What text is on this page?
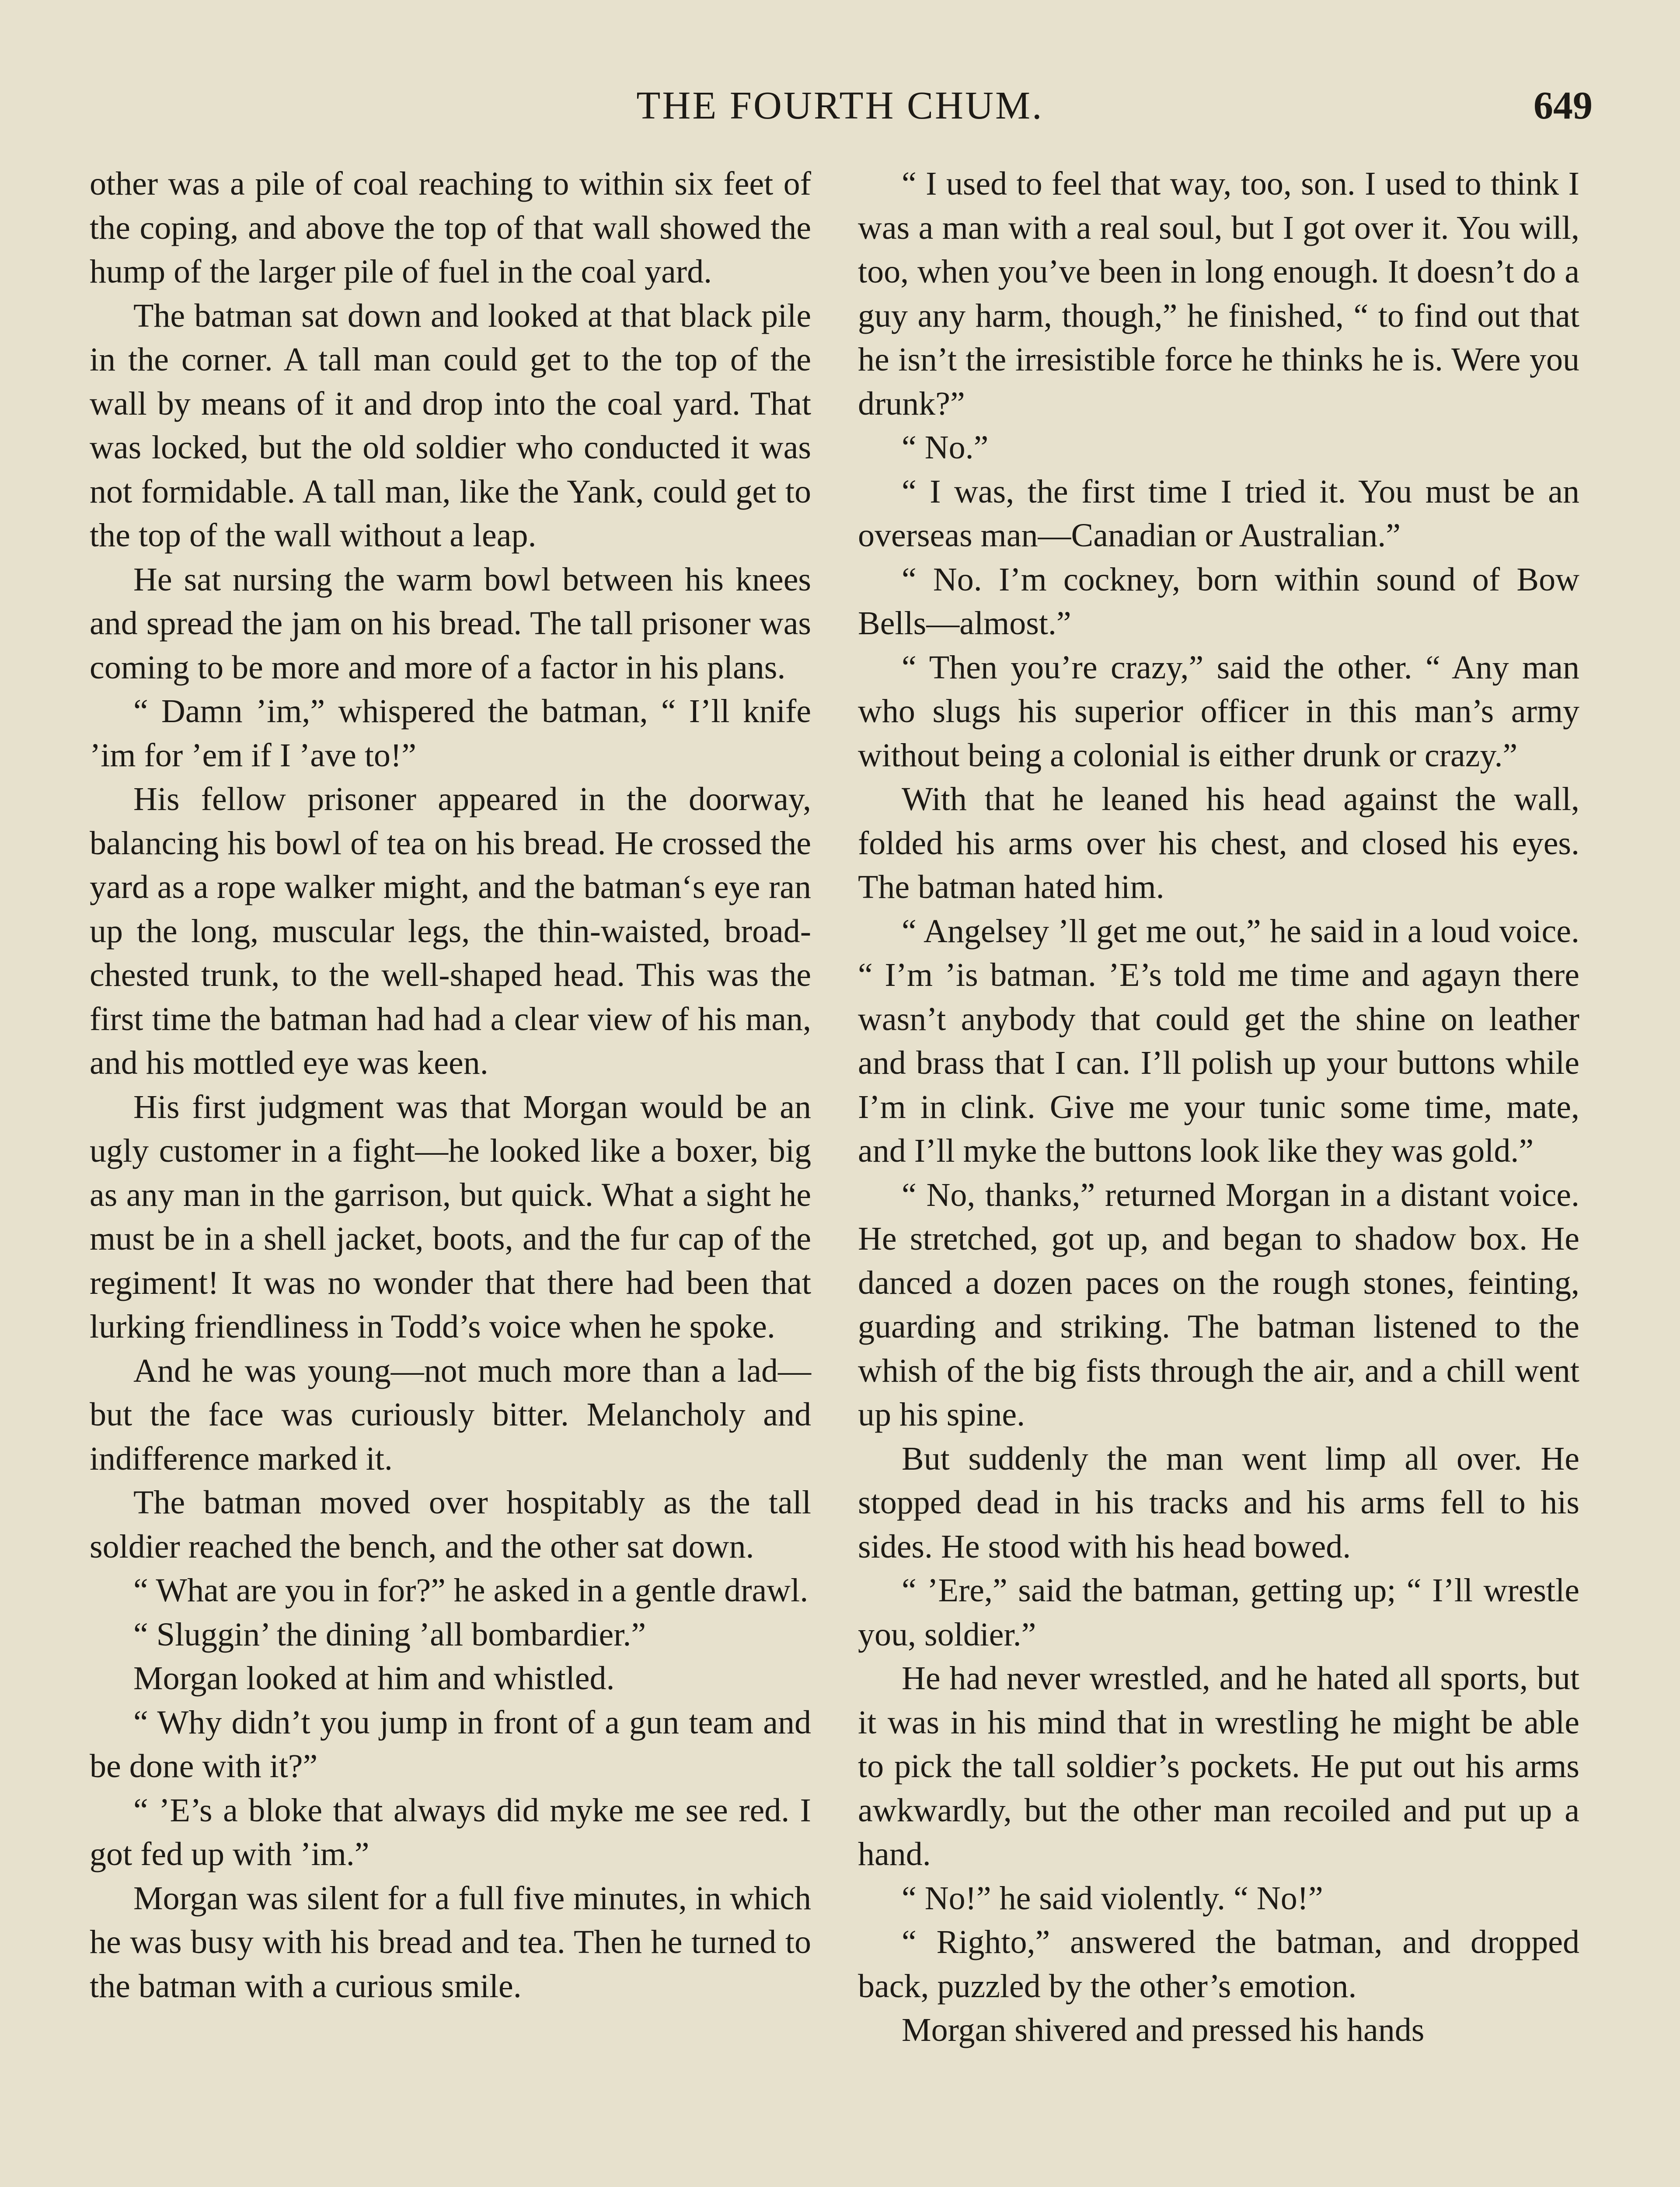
THE FOURTH CHUM.	649

other was a pile of coal reaching to within six feet of the coping, and above the top of that wall showed the hump of the larger pile of fuel in the coal yard.

The batman sat down and looked at that black pile in the corner. A tall man could get to the top of the wall by means of it and drop into the coal yard. That was locked, but the old soldier who conducted it was not formidable. A tall man, like the Yank, could get to the top of the wall without a leap.

He sat nursing the warm bowl between his knees and spread the jam on his bread. The tall prisoner was coming to be more and more of a factor in his plans.

“ Damn ’im,” whispered the batman, “ I’ll knife ’im for ’em if I ’ave to!”

His fellow prisoner appeared in the doorway, balancing his bowl of tea on his bread. He crossed the yard as a rope walker might, and the batman‘s eye ran up the long, muscular legs, the thin-waisted, broad-chested trunk, to the well-shaped head. This was the first time the batman had had a clear view of his man, and his mottled eye was keen.

His first judgment was that Morgan would be an ugly customer in a fight—he looked like a boxer, big as any man in the garrison, but quick. What a sight he must be in a shell jacket, boots, and the fur cap of the regiment! It was no wonder that there had been that lurking friendliness in Todd’s voice when he spoke.

And he was young—not much more than a lad—but the face was curiously bitter. Melancholy and indifference marked it.

The batman moved over hospitably as the tall soldier reached the bench, and the other sat down.

“ What are you in for?” he asked in a gentle drawl.

“ Sluggin’ the dining ’all bombardier.”

Morgan looked at him and whistled.

“ Why didn’t you jump in front of a gun team and be done with it?”

“ ’E’s a bloke that always did myke me see red. I got fed up with ’im.”

Morgan was silent for a full five minutes, in which he was busy with his bread and tea. Then he turned to the batman with a curious smile.

“ I used to feel that way, too, son. I used to think I was a man with a real soul, but I got over it. You will, too, when you’ve been in long enough. It doesn’t do a guy any harm, though,” he finished, “ to find out that he isn’t the irresistible force he thinks he is. Were you drunk?”

“ No.”

“ I was, the first time I tried it. You must be an overseas man—Canadian or Australian.”

“ No. I’m cockney, born within sound of Bow Bells—almost.”

“ Then you’re crazy,” said the other. “ Any man who slugs his superior officer in this man’s army without being a colonial is either drunk or crazy.”

With that he leaned his head against the wall, folded his arms over his chest, and closed his eyes. The batman hated him.

“ Angelsey ’ll get me out,” he said in a loud voice. “ I’m ’is batman. ’E’s told me time and agayn there wasn’t anybody that could get the shine on leather and brass that I can. I’ll polish up your buttons while I’m in clink. Give me your tunic some time, mate, and I’ll myke the buttons look like they was gold.”

“ No, thanks,” returned Morgan in a distant voice. He stretched, got up, and began to shadow box. He danced a dozen paces on the rough stones, feinting, guarding and striking. The batman listened to the whish of the big fists through the air, and a chill went up his spine.

But suddenly the man went limp all over. He stopped dead in his tracks and his arms fell to his sides. He stood with his head bowed.

“ ’Ere,” said the batman, getting up; “ I’ll wrestle you, soldier.”

He had never wrestled, and he hated all sports, but it was in his mind that in wrestling he might be able to pick the tall soldier’s pockets. He put out his arms awkwardly, but the other man recoiled and put up a hand.

“ No!” he said violently. “ No!”

“ Righto,” answered the batman, and dropped back, puzzled by the other’s emotion.

Morgan shivered and pressed his hands
